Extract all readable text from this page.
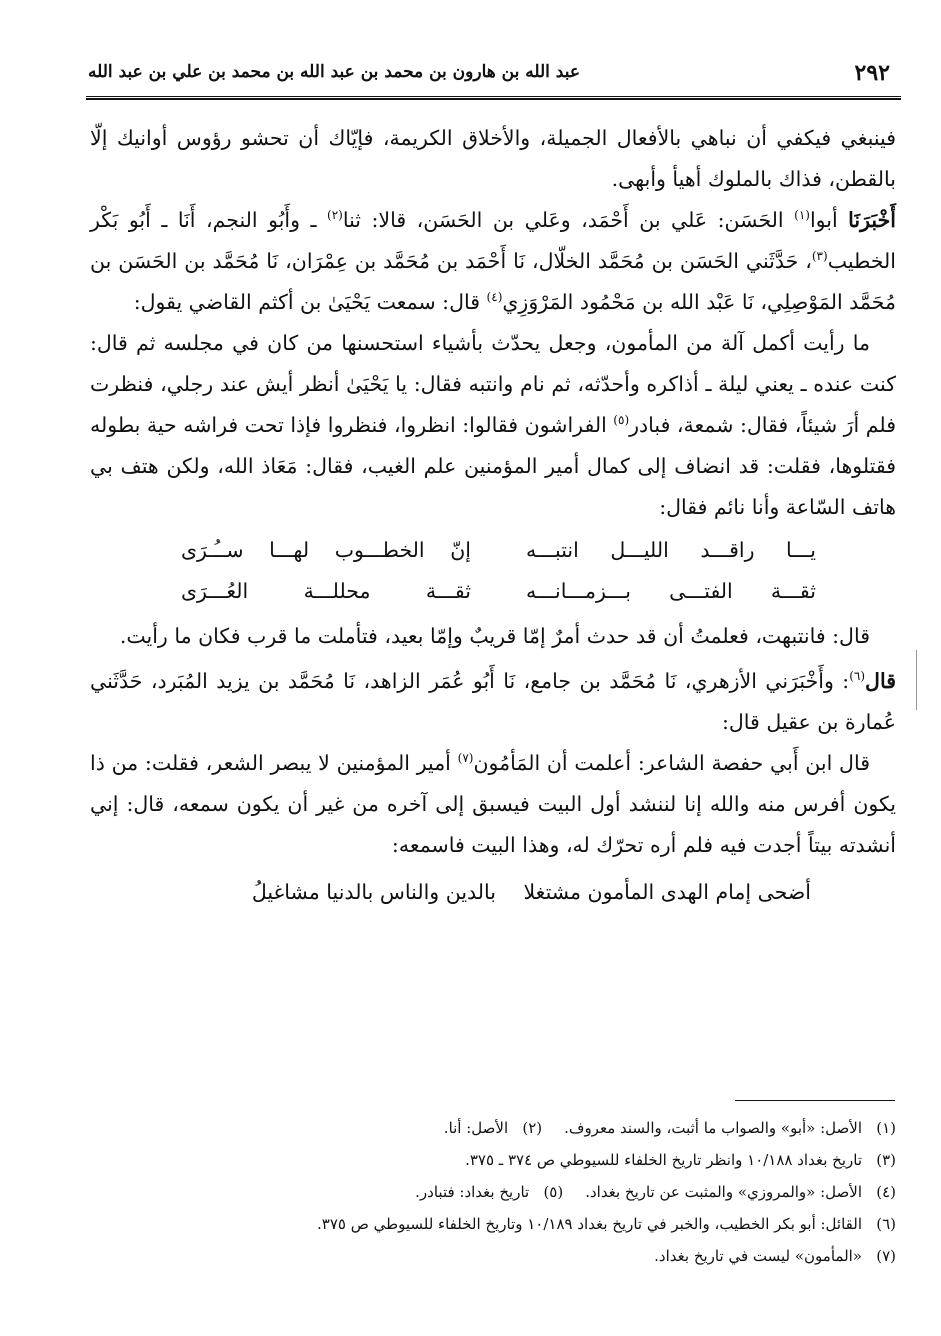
٢٩٢
عبد الله بن هارون بن محمد بن عبد الله بن محمد بن علي بن عبد الله

فينبغي فيكفي أن نباهي بالأفعال الجميلة، والأخلاق الكريمة، فإيّاك أن تحشو رؤوس أوانيك إلّا بالقطن، فذاك بالملوك أهيأ وأبهى.

أَخْبَرَنَا أبوا$^{(١)}$ الحَسَن: عَلي بن أَحْمَد، وعَلي بن الحَسَن، قالا: ثنا$^{(٢)}$ ـ وأَبُو النجم، أَنَا ـ أَبُو بَكْر الخطيب$^{(٣)}$، حَدَّثَني الحَسَن بن مُحَمَّد الخلّال، نَا أَحْمَد بن مُحَمَّد بن عِمْرَان، نَا مُحَمَّد بن الحَسَن بن مُحَمَّد المَوْصِلِي، نَا عَبْد الله بن مَحْمُود المَرْوَزِي$^{(٤)}$ قال: سمعت يَحْيَىٰ بن أكثم القاضي يقول:

ما رأيت أكمل آلة من المأمون، وجعل يحدّث بأشياء استحسنها من كان في مجلسه ثم قال: كنت عنده ـ يعني ليلة ـ أذاكره وأحدّثه، ثم نام وانتبه فقال: يا يَحْيَىٰ أنظر أيش عند رجلي، فنظرت فلم أرَ شيئاً، فقال: شمعة، فبادر$^{(٥)}$ الفراشون فقالوا: انظروا، فنظروا فإذا تحت فراشه حية بطوله فقتلوها، فقلت: قد انضاف إلى كمال أمير المؤمنين علم الغيب، فقال: مَعَاذ الله، ولكن هتف بي هاتف السّاعة وأنا نائم فقال:

يـــا راقـــد الليـــل انتبـــه
إنّ الخطـــوب لهـــا ســُـرَى
ثقـــة الفتـــى بـــزمـــانـــه
ثقـــة محللـــة العُـــرَى

قال: فانتبهت، فعلمتُ أن قد حدث أمرٌ إمّا قريبٌ وإمّا بعيد، فتأملت ما قرب فكان ما رأيت.

قال$^{(٦)}$: وأَخْبَرَني الأزهري، نَا مُحَمَّد بن جامع، نَا أَبُو عُمَر الزاهد، نَا مُحَمَّد بن يزيد المُبَرد، حَدَّثَني عُمارة بن عقيل قال:

قال ابن أَبي حفصة الشاعر: أعلمت أن المَأمُون$^{(٧)}$ أمير المؤمنين لا يبصر الشعر، فقلت: من ذا يكون أفرس منه والله إنا لننشد أول البيت فيسبق إلى آخره من غير أن يكون سمعه، قال: إني أنشدته بيتاً أجدت فيه فلم أره تحرّك له، وهذا البيت فاسمعه:

أضحى إمام الهدى المأمون مشتغلا
بالدين والناس بالدنيا مشاغيلُ
(١)الأصل: «أبو» والصواب ما أثبت، والسند معروف.(٢)الأصل: أنا.
(٣)تاريخ بغداد ١٠/١٨٨ وانظر تاريخ الخلفاء للسيوطي ص ٣٧٤ ـ ٣٧٥.
(٤)الأصل: «والمروزي» والمثبت عن تاريخ بغداد.(٥)تاريخ بغداد: فتبادر.
(٦)القائل: أبو بكر الخطيب، والخبر في تاريخ بغداد ١٠/١٨٩ وتاريخ الخلفاء للسيوطي ص ٣٧٥.
(٧)«المأمون» ليست في تاريخ بغداد.
